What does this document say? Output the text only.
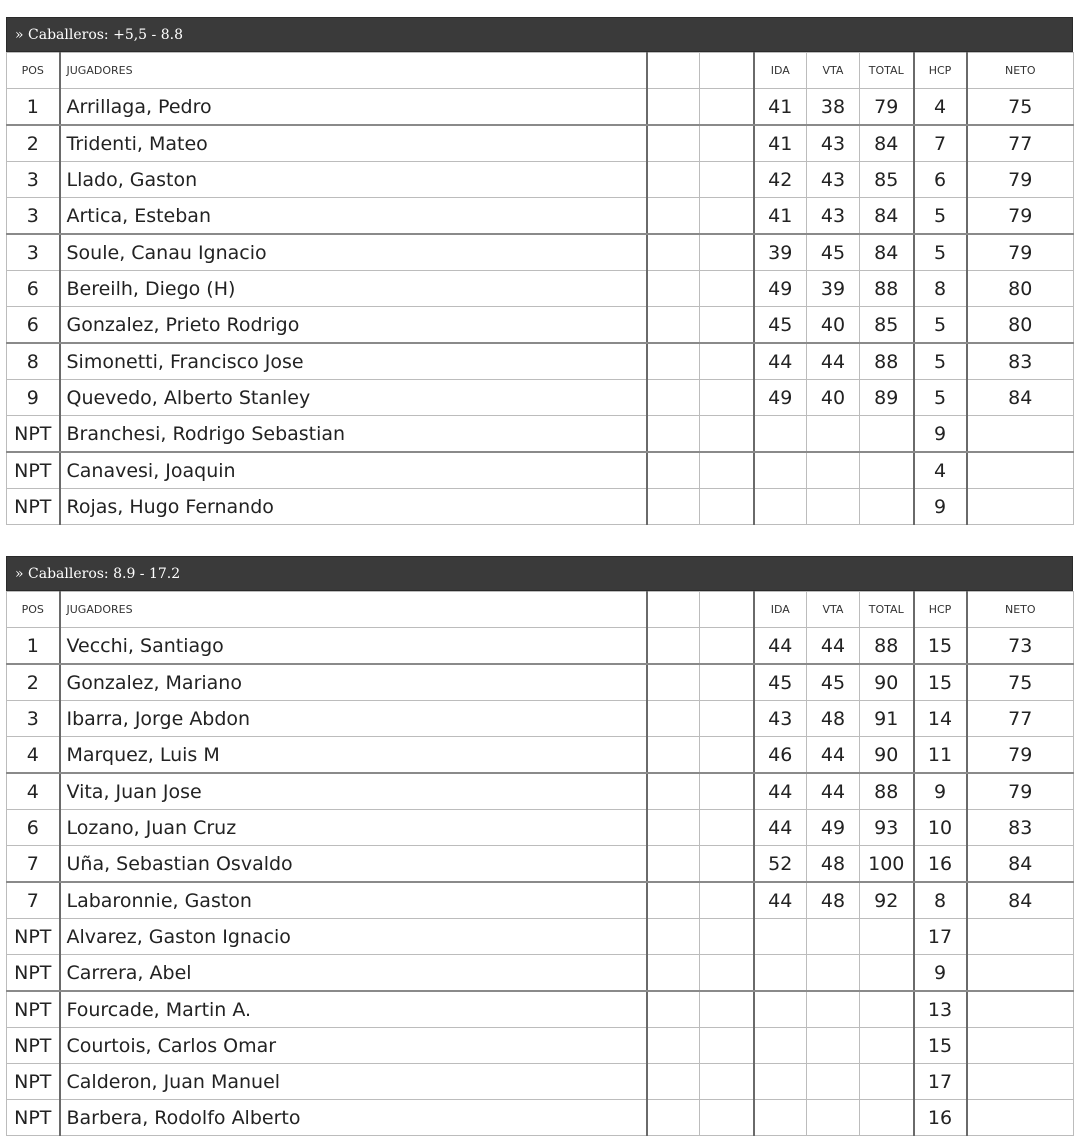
» Caballeros: +5,5 - 8.8
POS	JUGADORES			IDA	VTA	TOTAL	HCP	NETO
1	Arrillaga, Pedro			41	38	79	4	75
2	Tridenti, Mateo			41	43	84	7	77
3	Llado, Gaston			42	43	85	6	79
3	Artica, Esteban			41	43	84	5	79
3	Soule, Canau Ignacio			39	45	84	5	79
6	Bereilh, Diego (H)			49	39	88	8	80
6	Gonzalez, Prieto Rodrigo			45	40	85	5	80
8	Simonetti, Francisco Jose			44	44	88	5	83
9	Quevedo, Alberto Stanley			49	40	89	5	84
NPT	Branchesi, Rodrigo Sebastian						9	
NPT	Canavesi, Joaquin						4	
NPT	Rojas, Hugo Fernando						9	
» Caballeros: 8.9 - 17.2
POS	JUGADORES			IDA	VTA	TOTAL	HCP	NETO
1	Vecchi, Santiago			44	44	88	15	73
2	Gonzalez, Mariano			45	45	90	15	75
3	Ibarra, Jorge Abdon			43	48	91	14	77
4	Marquez, Luis M			46	44	90	11	79
4	Vita, Juan Jose			44	44	88	9	79
6	Lozano, Juan Cruz			44	49	93	10	83
7	Uña, Sebastian Osvaldo			52	48	100	16	84
7	Labaronnie, Gaston			44	48	92	8	84
NPT	Alvarez, Gaston Ignacio						17	
NPT	Carrera, Abel						9	
NPT	Fourcade, Martin A.						13	
NPT	Courtois, Carlos Omar						15	
NPT	Calderon, Juan Manuel						17	
NPT	Barbera, Rodolfo Alberto						16	
